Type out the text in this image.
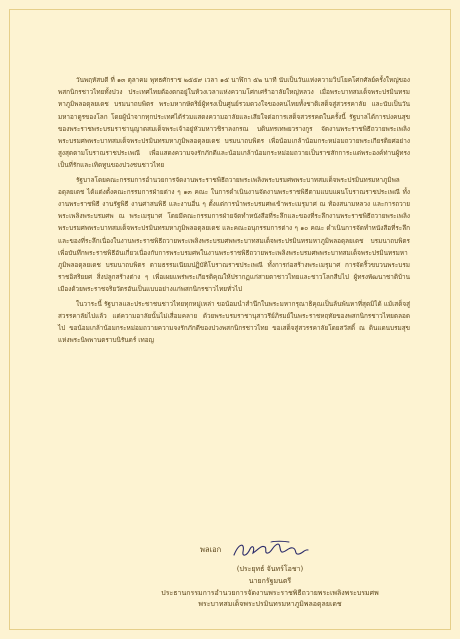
วันพฤหัสบดี ที่ ๑๓ ตุลาคม พุทธศักราช ๒๕๕๙ เวลา ๑๕ นาฬิกา ๕๒ นาที นับเป็นวันแห่งความวิปโยคโศกศัลย์ครั้งใหญ่ของพสกนิกรชาวไทยทั้งปวง ประเทศไทยต้องตกอยู่ในห้วงเวลาแห่งความโศกเศร้าอาลัยใหญ่หลวง เมื่อพระบาทสมเด็จพระปรมินทรมหาภูมิพลอดุลยเดช บรมนาถบพิตร พระมหากษัตริย์ผู้ทรงเป็นศูนย์รวมดวงใจของคนไทยทั้งชาติเสด็จสู่สวรรคาลัย และนับเป็นวันมหาอาดูรของโลก โดยผู้นำจากทุกประเทศได้ร่วมแสดงความอาลัยและเสียใจต่อการเสด็จสวรรคตในครั้งนี้ รัฐบาลได้การบ่งคนสุขของพระราชพระบรมราชานุญาตสมเด็จพระเจ้าอยู่หัวมหาวชิราลงกรณ บดินทรเทพยวรางกูร จัดงานพระราชพิธีถวายพระเพลิงพระบรมศพพระบาทสมเด็จพระปรมินทรมหาภูมิพลอดุลยเดช บรมนาถบพิตร เพื่อน้อมเกล้าน้อมกระหม่อมถวายพระเกียรติยศอย่างสูงสุดตามโบราณราชประเพณี เพื่อแสดงความจงรักภักดีและน้อมเกล้าน้อมกระหม่อมถวายเป็นราชสักการะแด่พระองค์ท่านผู้ทรงเป็นที่รักและเทิดทูนของปวงชนชาวไทย

รัฐบาลโดยคณะกรรมการอำนวยการจัดงานพระราชพิธีถวายพระเพลิงพระบรมศพพระบาทสมเด็จพระปรมินทรมหาภูมิพลอดุลยเดช ได้แต่งตั้งคณะกรรมการฝ่ายต่าง ๆ ๑๓ คณะ ในการดำเนินงานจัดงานพระราชพิธีตามแบบแผนโบราณราชประเพณี ทั้งงานพระราชพิธี งานรัฐพิธี งานศาสนพิธี และงานอื่น ๆ ตั้งแต่การนำพระบรมศพเข้าพระเมรุมาศ ณ ท้องสนามหลวง และการถวายพระเพลิงพระบรมศพ ณ พระเมรุมาศ โดยมีคณะกรรมการฝ่ายจัดทำหนังสือที่ระลึกและของที่ระลึกงานพระราชพิธีถวายพระเพลิงพระบรมศพพระบาทสมเด็จพระปรมินทรมหาภูมิพลอดุลยเดช และคณะอนุกรรมการต่าง ๆ ๑๐ คณะ ดำเนินการจัดทำหนังสือที่ระลึกและของที่ระลึกเนื่องในงานพระราชพิธีถวายพระเพลิงพระบรมศพพระบาทสมเด็จพระปรมินทรมหาภูมิพลอดุลยเดช บรมนาถบพิตร เพื่อบันทึกพระราชพิธีอันเกี่ยวเนื่องกับการพระบรมศพในงานพระราชพิธีถวายพระเพลิงพระบรมศพพระบาทสมเด็จพระปรมินทรมหาภูมิพลอดุลยเดช บรมนาถบพิตร ตามธรรมเนียมปฏิบัติโบราณราชประเพณี ทั้งการก่อสร้างพระเมรุมาศ การจัดริ้วขบวนพระบรมราชอิสริยยศ สิ่งปลูกสร้างต่าง ๆ เพื่อเผยแพร่พระเกียรติคุณให้ปรากฏแก่สายตาชาวไทยและชาวโลกสืบไป ผู้ทรงพัฒนาชาติบ้านเมืองด้วยพระราชจริยวัตรอันเป็นแบบอย่างแก่พสกนิกรชาวไทยทั่วไป

ในวาระนี้ รัฐบาลและประชาชนชาวไทยทุกหมู่เหล่า ขอน้อมนำสำนึกในพระมหากรุณาธิคุณเป็นล้นพ้นหาที่สุดมิได้ แม้เสด็จสู่สวรรคาลัยไปแล้ว แต่ความอาลัยนั้นไม่เสื่อมคลาย ด้วยพระบรมราชานุสาวรีย์ภิรมย์ในพระราชหฤทัยของพสกนิกรชาวไทยตลอดไป ขอน้อมเกล้าน้อมกระหม่อมถวายความจงรักภักดีของปวงพสกนิกรชาวไทย ขอเสด็จสู่สวรรคาลัยโดยสวัสดิ์ ณ ดินแดนบรมสุขแห่งพระนิพพานตราบนิรันดร์ เทอญ

พลเอก
(ประยุทธ์ จันทร์โอชา)
นายกรัฐมนตรี
ประธานกรรมการอำนวยการจัดงานพระราชพิธีถวายพระเพลิงพระบรมศพ
พระบาทสมเด็จพระปรมินทรมหาภูมิพลอดุลยเดช
